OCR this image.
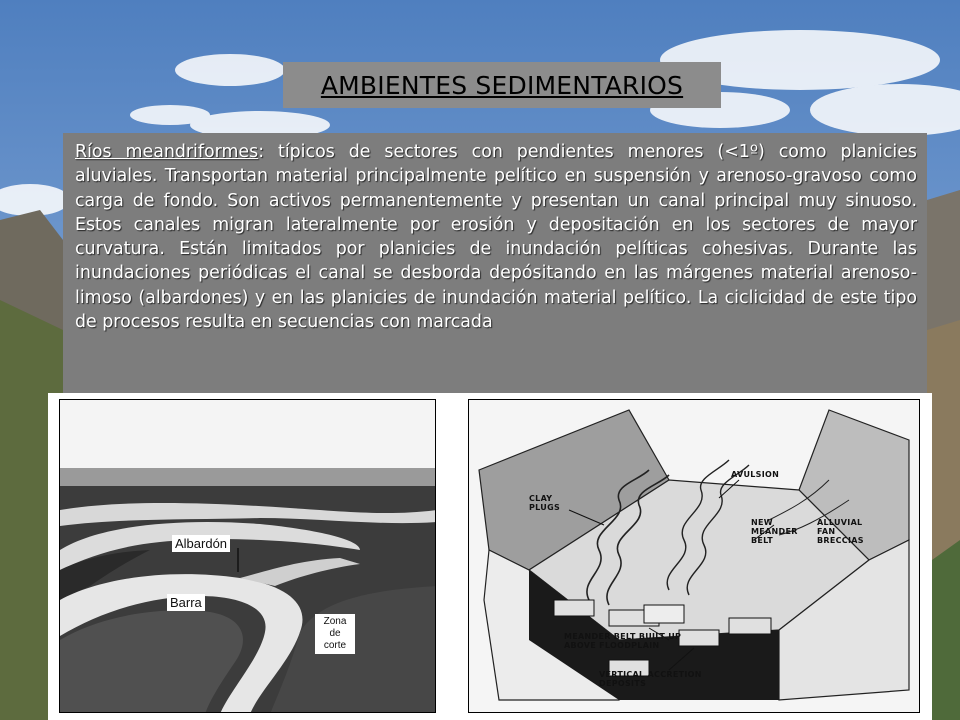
AMBIENTES SEDIMENTARIOS

Ríos meandriformes: típicos de sectores con pendientes menores (<1º) como planicies aluviales. Transportan material principalmente pelítico en suspensión y arenoso-gravoso como carga de fondo. Son activos permanentemente y presentan un canal principal muy sinuoso. Estos canales migran lateralmente por erosión y depositación en los sectores de mayor curvatura. Están limitados por planicies de inundación pelíticas cohesivas. Durante las inundaciones periódicas el canal se desborda depósitando en las márgenes material arenoso-limoso (albardones) y en las planicies de inundación material pelítico. La ciclicidad de este tipo de procesos resulta en secuencias con marcada

Albardón
Barra
Zona de corte
CLAY PLUGS
AVULSION
NEW MEANDER BELT
ALLUVIAL FAN BRECCIAS
MEANDER BELT BUILT UP ABOVE FLOODPLAIN
VERTICAL ACCRETION DEPOSITS
